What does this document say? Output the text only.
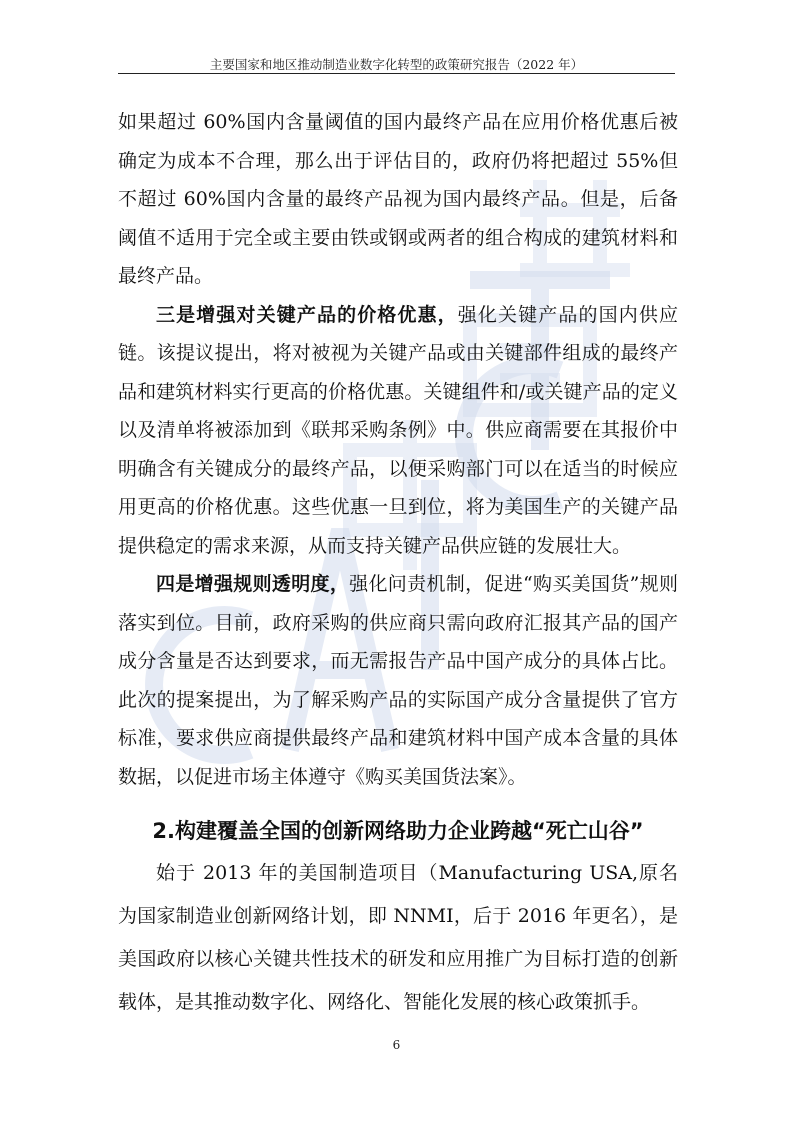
主要国家和地区推动制造业数字化转型的政策研究报告（2022 年）

如果超过 60%国内含量阈值的国内最终产品在应用价格优惠后被确定为成本不合理，那么出于评估目的，政府仍将把超过 55%但不超过 60%国内含量的最终产品视为国内最终产品。但是，后备阈值不适用于完全或主要由铁或钢或两者的组合构成的建筑材料和最终产品。

三是增强对关键产品的价格优惠，强化关键产品的国内供应链。该提议提出，将对被视为关键产品或由关键部件组成的最终产品和建筑材料实行更高的价格优惠。关键组件和/或关键产品的定义以及清单将被添加到《联邦采购条例》中。供应商需要在其报价中明确含有关键成分的最终产品，以便采购部门可以在适当的时候应用更高的价格优惠。这些优惠一旦到位，将为美国生产的关键产品提供稳定的需求来源，从而支持关键产品供应链的发展壮大。

四是增强规则透明度，强化问责机制，促进“购买美国货”规则落实到位。目前，政府采购的供应商只需向政府汇报其产品的国产成分含量是否达到要求，而无需报告产品中国产成分的具体占比。此次的提案提出，为了解采购产品的实际国产成分含量提供了官方标准，要求供应商提供最终产品和建筑材料中国产成本含量的具体数据，以促进市场主体遵守《购买美国货法案》。

2.构建覆盖全国的创新网络助力企业跨越“死亡山谷”

始于 2013 年的美国制造项目（Manufacturing USA,原名为国家制造业创新网络计划，即 NNMI，后于 2016 年更名），是美国政府以核心关键共性技术的研发和应用推广为目标打造的创新载体，是其推动数字化、网络化、智能化发展的核心政策抓手。

6
